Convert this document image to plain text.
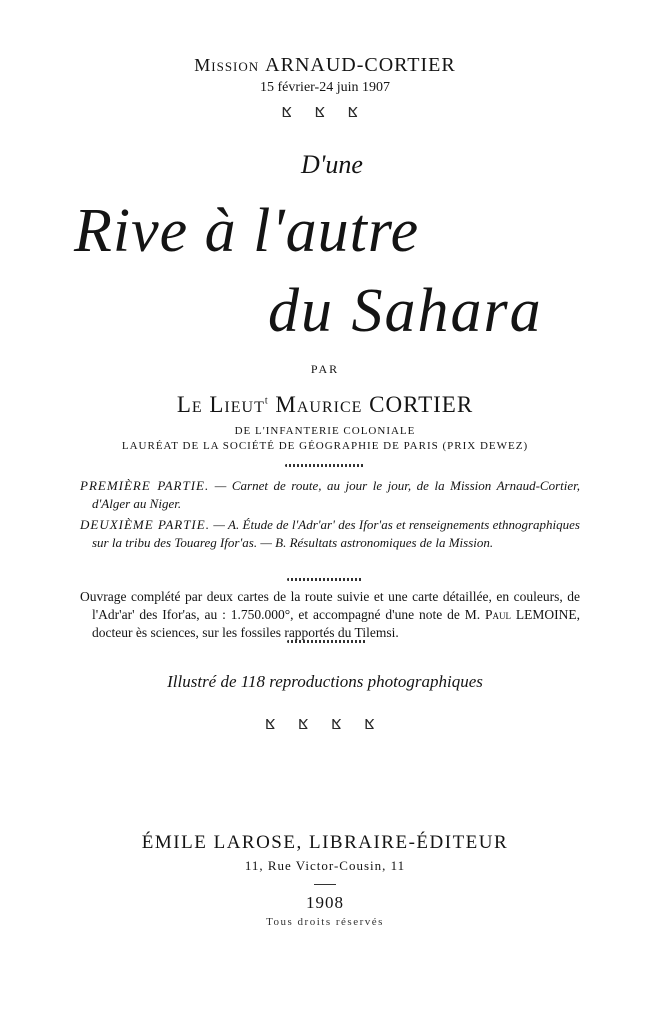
Mission ARNAUD-CORTIER
15 février-24 juin 1907
ⴿ ⴿ ⴿ
D'une
Rive à l'autre
du Sahara
PAR
Le Lieut$^t$ Maurice CORTIER
DE L'INFANTERIE COLONIALE
LAURÉAT DE LA SOCIÉTÉ DE GÉOGRAPHIE DE PARIS (PRIX DEWEZ)
PREMIÈRE PARTIE. — Carnet de route, au jour le jour, de la Mission Arnaud-Cortier, d'Alger au Niger.
DEUXIÈME PARTIE. — A. Étude de l'Adr'ar' des Ifor'as et renseignements ethnographiques sur la tribu des Touareg Ifor'as. — B. Résultats astronomiques de la Mission.
Ouvrage complété par deux cartes de la route suivie et une carte détaillée, en couleurs, de l'Adr'ar' des Ifor'as, au : 1.750.000°, et accompagné d'une note de M. Paul LEMOINE, docteur ès sciences, sur les fossiles rapportés du Tilemsi.
Illustré de 118 reproductions photographiques
ⴿ ⴿ ⴿ ⴿ
ÉMILE LAROSE, LIBRAIRE-ÉDITEUR
11, Rue Victor-Cousin, 11
1908
Tous droits réservés
